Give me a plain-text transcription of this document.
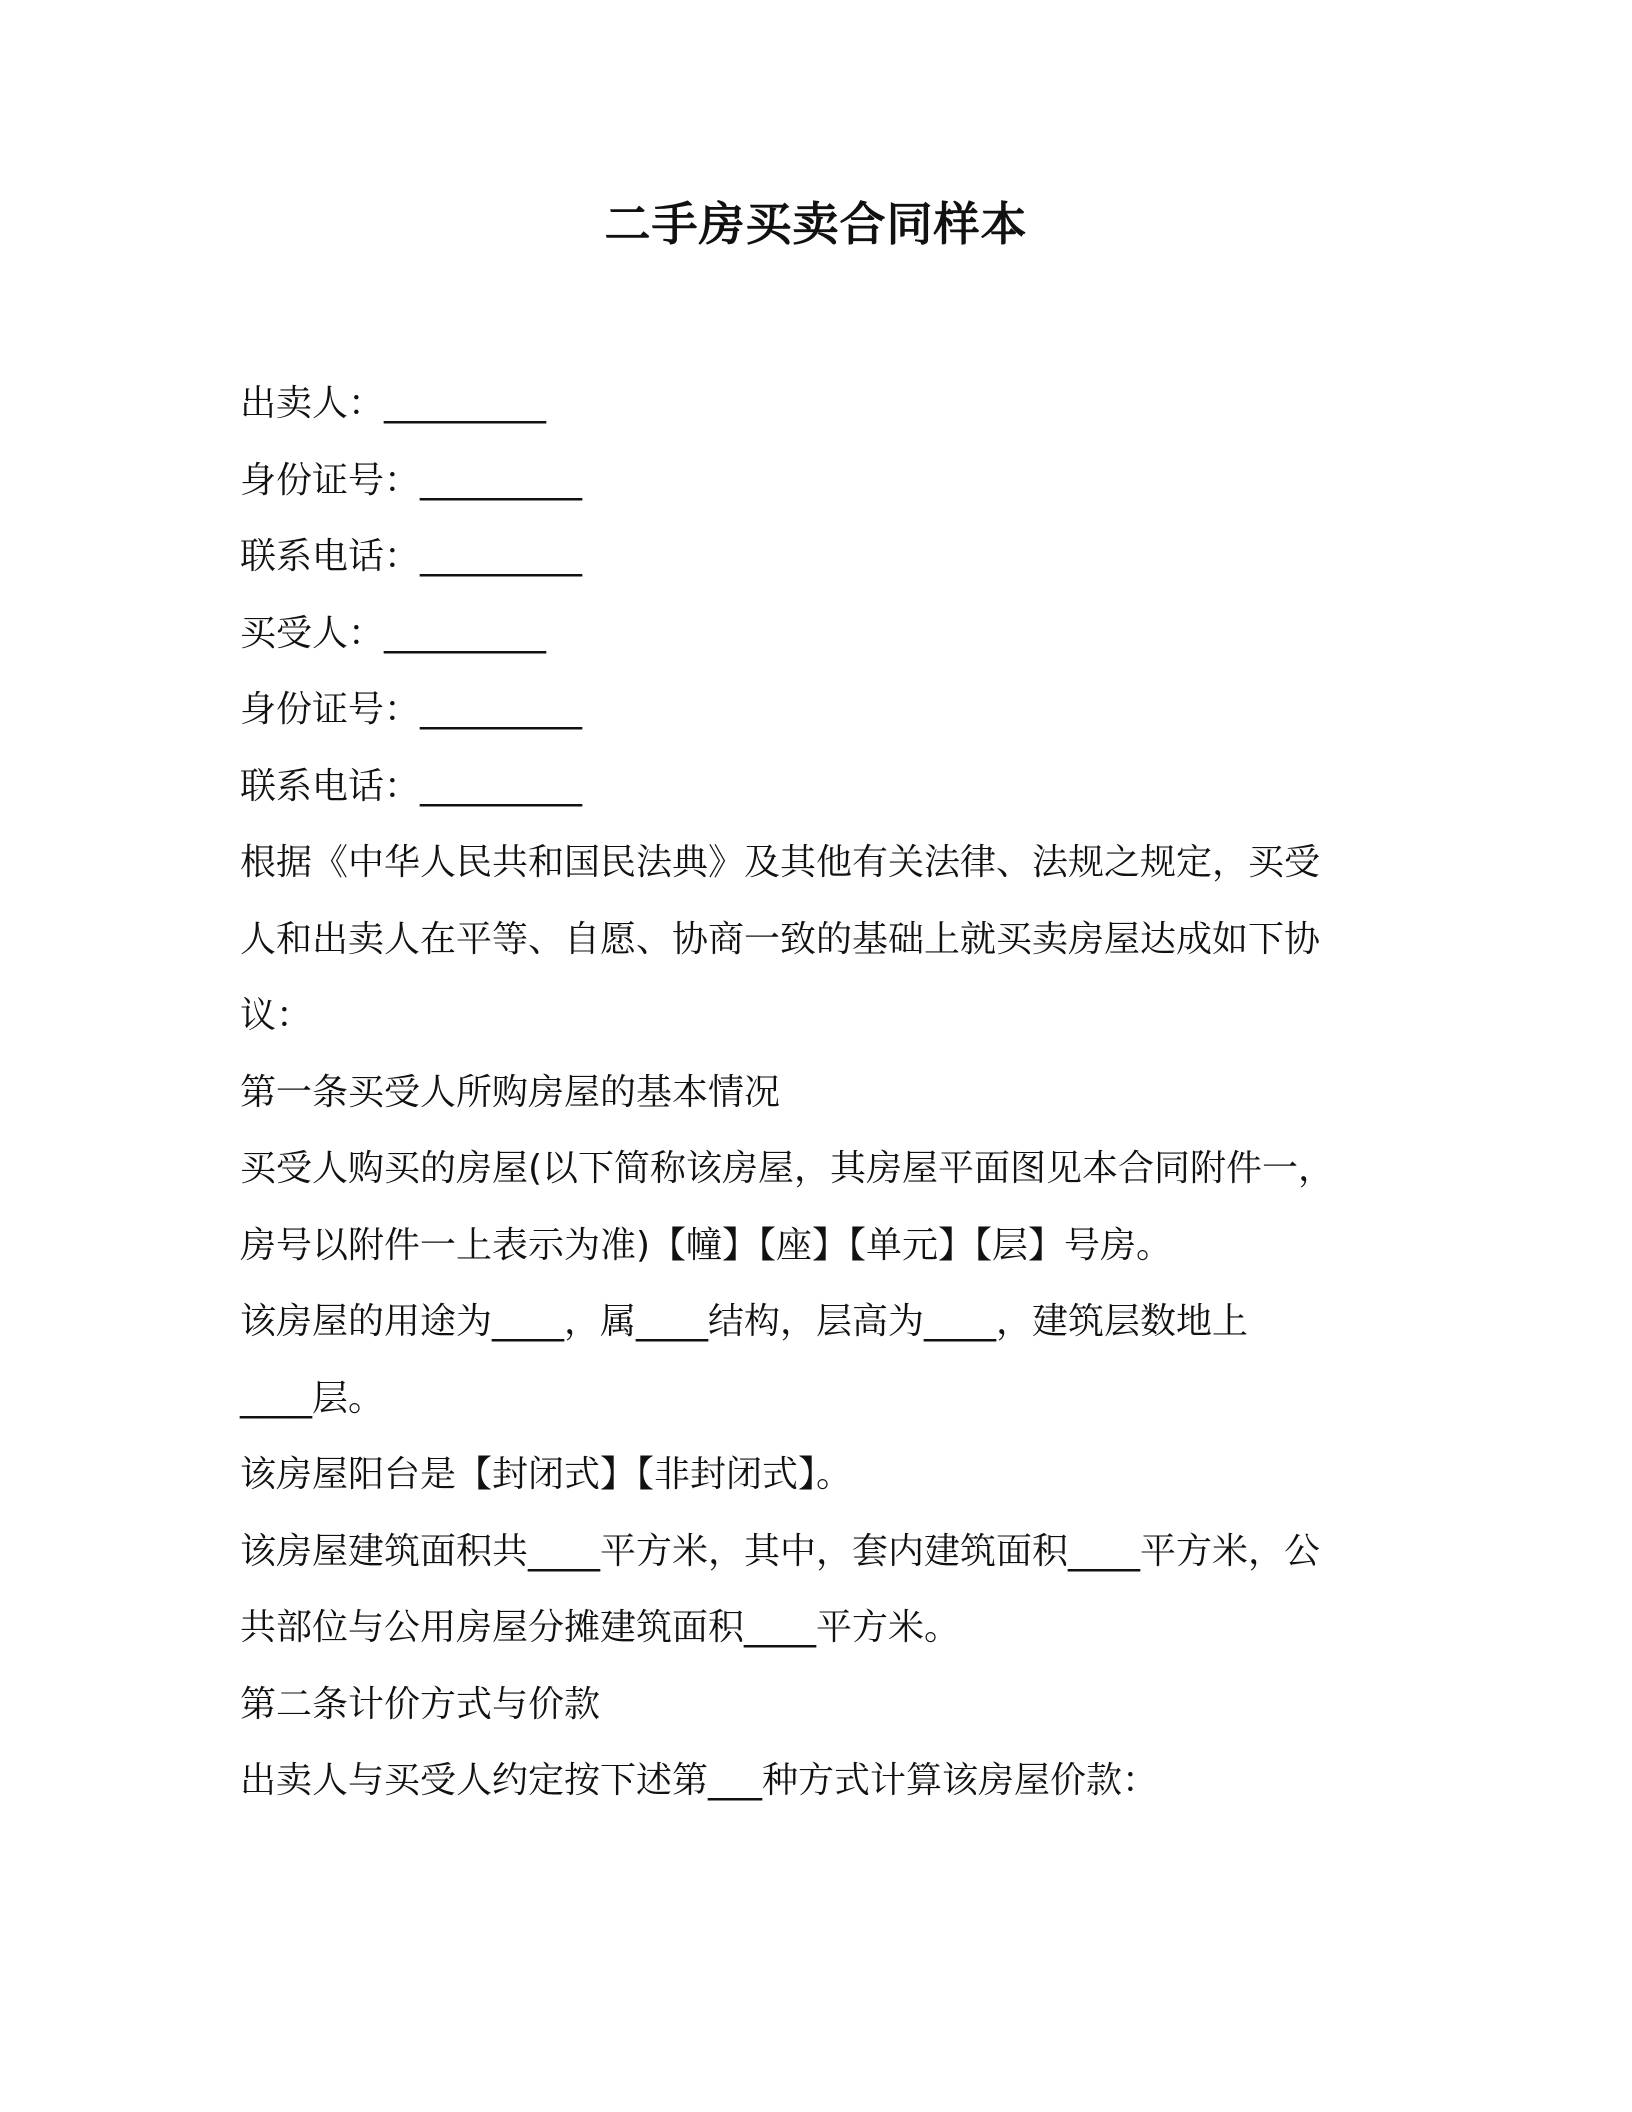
二手房买卖合同样本

出卖人：_________

身份证号：_________

联系电话：_________

买受人：_________

身份证号：_________

联系电话：_________

根据《中华人民共和国民法典》及其他有关法律、法规之规定，买受

人和出卖人在平等、自愿、协商一致的基础上就买卖房屋达成如下协

议：

第一条买受人所购房屋的基本情况

买受人购买的房屋(以下简称该房屋，其房屋平面图见本合同附件一，

房号以附件一上表示为准)【幢】【座】【单元】【层】号房。

该房屋的用途为____，属____结构，层高为____，建筑层数地上

____层。

该房屋阳台是【封闭式】【非封闭式】。

该房屋建筑面积共____平方米，其中，套内建筑面积____平方米，公

共部位与公用房屋分摊建筑面积____平方米。

第二条计价方式与价款

出卖人与买受人约定按下述第___种方式计算该房屋价款：
